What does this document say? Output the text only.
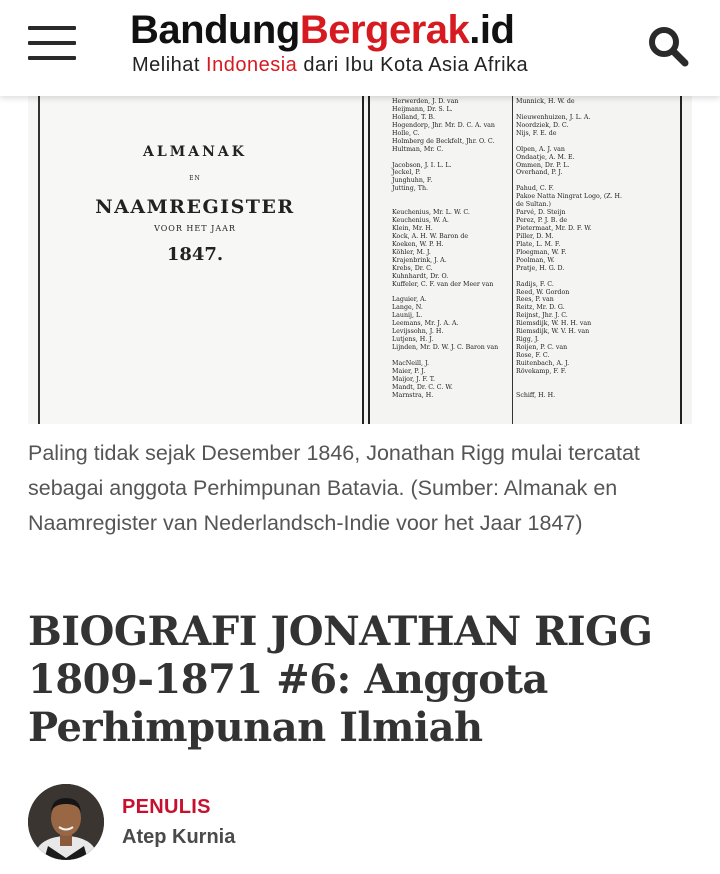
BandungBergerak.id
Melihat Indonesia dari Ibu Kota Asia Afrika
ALMANAK
EN
NAAMREGISTER
VOOR HET JAAR
1847.
Herwerden, J. D. van
Heijmann, Dr. S. L.
Holland, T. B.
Hogendorp, Jhr. Mr. D. C. A. van
Holle, C.
Holmberg de Beckfelt, Jhr. O. C.
Hultman, Mr. C.
Jacobson, J. I. L. L.
Jeckel, P.
Junghuhn, F.
Jutting, Th.
Keuchenius, Mr. L. W. C.
Keuchenius, W. A.
Klein, Mr. H.
Kock, A. H. W. Baron de
Koeken, W. P. H.
Köhler, M. J.
Krajenbrink, J. A.
Krebs, Dr. C.
Kuhnhardt, Dr. O.
Kuffeler, C. F. van der Meer van
Laguier, A.
Lange, N.
Launij, L.
Leemans, Mr. J. A. A.
Levijssohn, J. H.
Lutjens, H. J.
Lijnden, Mr. D. W. J. C. Baron van
MacNeill, J.
Maier, P. J.
Maijor, J. F. T.
Mandt, Dr. C. C. W.
Marnstra, H.
Munnick, H. W. de
Nieuwenhuizen, J. L. A.
Noordziek, D. C.
Nijs, F. E. de
Olpen, A. J. van
Ondaatje, A. M. E.
Ommen, Dr. P. L.
Overhand, P. J.
Pahud, C. F.
Pakoe Natta Ningrat Logo, (Z. H.
de Sultan.)
Parvé, D. Steijn
Perez, P. J. B. de
Pietermaat, Mr. D. F. W.
Piller, D. M.
Plate, L. M. F.
Ploegman, W. F.
Poolman, W.
Pratje, H. G. D.
Radijs, F. C.
Reed, W. Gordon
Rees, P. van
Reitz, Mr. D. G.
Reijnst, Jhr. J. C.
Riemsdijk, W. H. H. van
Riemsdijk, W. V. H. van
Rigg, J.
Roijen, P. C. van
Rose, F. C.
Ruitenbach, A. J.
Rövekamp, F. F.
Schiff, H. H.

Paling tidak sejak Desember 1846, Jonathan Rigg mulai tercatat sebagai anggota Perhimpunan Batavia. (Sumber: Almanak en Naamregister van Nederlandsch-Indie voor het Jaar 1847)

BIOGRAFI JONATHAN RIGG 1809-1871 #6: Anggota Perhimpunan Ilmiah
PENULIS
Atep Kurnia
